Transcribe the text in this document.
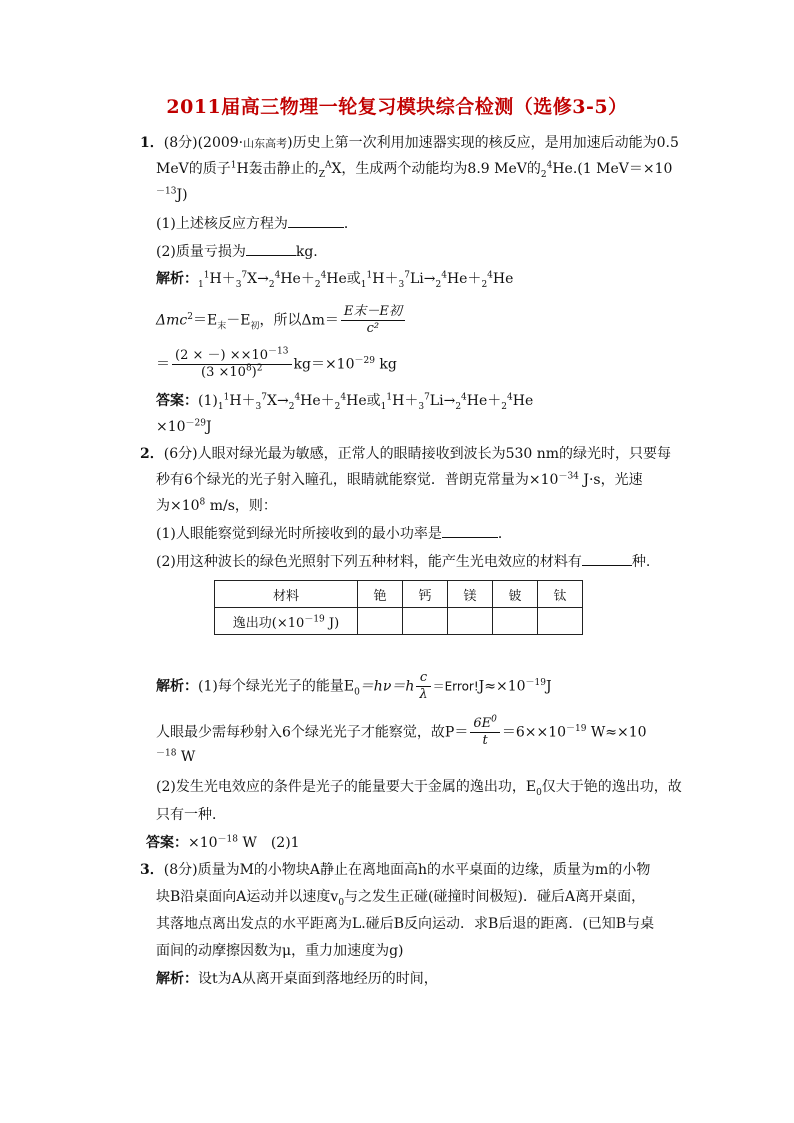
2011届高三物理一轮复习模块综合检测（选修3-5）
1．(8分)(2009·山东高考)历史上第一次利用加速器实现的核反应，是用加速后动能为0.5
MeV的质子$^1$H轰击静止的$_Z^A$X，生成两个动能均为8.9 MeV的$_2^4$He.(1 MeV＝×10
$^{-13}$J)
(1)上述核反应方程为	．
(2)质量亏损为	kg.
解析：$_1^1H+_3^7X\to_2^4He+_2^4He$或$_1^1H+_3^7Li\to_2^4He+_2^4He$
$\Delta mc^2=E_末-E_初$，所以$\Delta m= \frac{\text{E末－E初}}{\text{c²}}$
＝ $\frac{(2 \times -) \times\times 10^{-13}}{(3 \times 10^8)^2} kg=\times 10^{-29}$ kg
答案：$(1)_1^1H+_3^7X\to_2^4He+_2^4He$或$_1^1H+_3^7Li\to_2^4He+_2^4He$
$\times 10^{-29}J$
2．(6分)人眼对绿光最为敏感，正常人的眼睛接收到波长为530 nm的绿光时，只要每
秒有6个绿光的光子射入瞳孔，眼睛就能察觉．普朗克常量为$\times 10^{-34}$ J·s，光速
为$\times 10^8$ m/s，则：
(1)人眼能察觉到绿光时所接收到的最小功率是	．
(2)用这种波长的绿色光照射下列五种材料，能产生光电效应的材料有	种.
材料	铯	钙	镁	铍	钛
逸出功($\times 10^{-19}$ J)					
解析：(1)每个绿光光子的能量$E_0=h\nu=h \frac{c}{\lambda}$ $=Error!J\approx\times 10^{-19}J$
人眼最少需每秒射入6个绿光光子才能察觉，故$P= \frac{6E^0}{t} =6\times\times 10^{-19}$ W≈×10
$^{-18}$ W
(2)发生光电效应的条件是光子的能量要大于金属的逸出功，$E_0$仅大于铯的逸出功，故
只有一种．
答案：$\times 10^{-18}$ W　(2)1
3．(8分)质量为M的小物块A静止在离地面高h的水平桌面的边缘，质量为m的小物
块B沿桌面向A运动并以速度$v_0$与之发生正碰(碰撞时间极短)．碰后A离开桌面，
其落地点离出发点的水平距离为L.碰后B反向运动．求B后退的距离．(已知B与桌
面间的动摩擦因数为μ，重力加速度为g)
解析：设t为A从离开桌面到落地经历的时间，
